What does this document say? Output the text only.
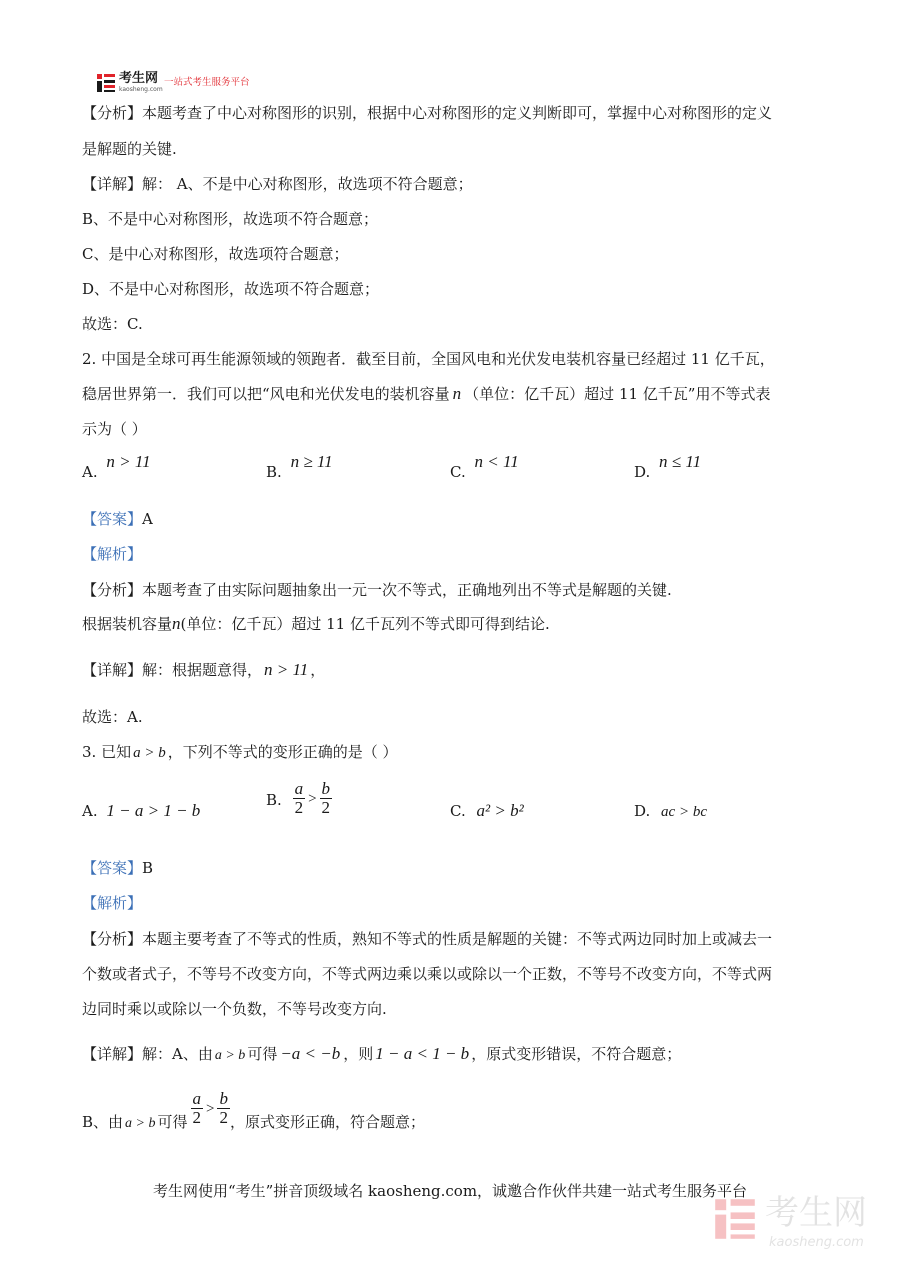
考生网
kaosheng.com
一站式考生服务平台
【分析】本题考查了中心对称图形的识别，根据中心对称图形的定义判断即可，掌握中心对称图形的定义
是解题的关键.
【详解】解： A、不是中心对称图形，故选项不符合题意；
B、不是中心对称图形，故选项不符合题意；
C、是中心对称图形，故选项符合题意；
D、不是中心对称图形，故选项不符合题意；
故选：C.
2. 中国是全球可再生能源领域的领跑者．截至目前，全国风电和光伏发电装机容量已经超过 11 亿千瓦，
稳居世界第一．我们可以把“风电和光伏发电的装机容量 n （单位：亿千瓦）超过 11 亿千瓦”用不等式表
示为（ ）
A. n > 11
B. n ≥ 11
C. n < 11
D. n ≤ 11
【答案】A
【解析】
【分析】本题考查了由实际问题抽象出一元一次不等式，正确地列出不等式是解题的关键.
根据装机容量n(单位：亿千瓦）超过 11 亿千瓦列不等式即可得到结论.
【详解】解：根据题意得， n > 11 ，
故选：A.
3. 已知 a > b ，下列不等式的变形正确的是（ ）
A. 1 − a > 1 − b
B. $\frac{a}{2} > \frac{b}{2}$	C. a² > b²	D. ac > bc
【答案】B
【解析】
【分析】本题主要考查了不等式的性质，熟知不等式的性质是解题的关键：不等式两边同时加上或减去一
个数或者式子，不等号不改变方向，不等式两边乘以乘以或除以一个正数，不等号不改变方向，不等式两
边同时乘以或除以一个负数，不等号改变方向.
【详解】解：A、由 a > b 可得 −a < −b ，则 1 − a < 1 − b ，原式变形错误，不符合题意；
B、由 a > b 可得 $\frac{a}{2} > \frac{b}{2}$ ，原式变形正确，符合题意；
考生网使用“考生”拼音顶级域名 kaosheng.com，诚邀合作伙伴共建一站式考生服务平台
考生网
kaosheng.com
